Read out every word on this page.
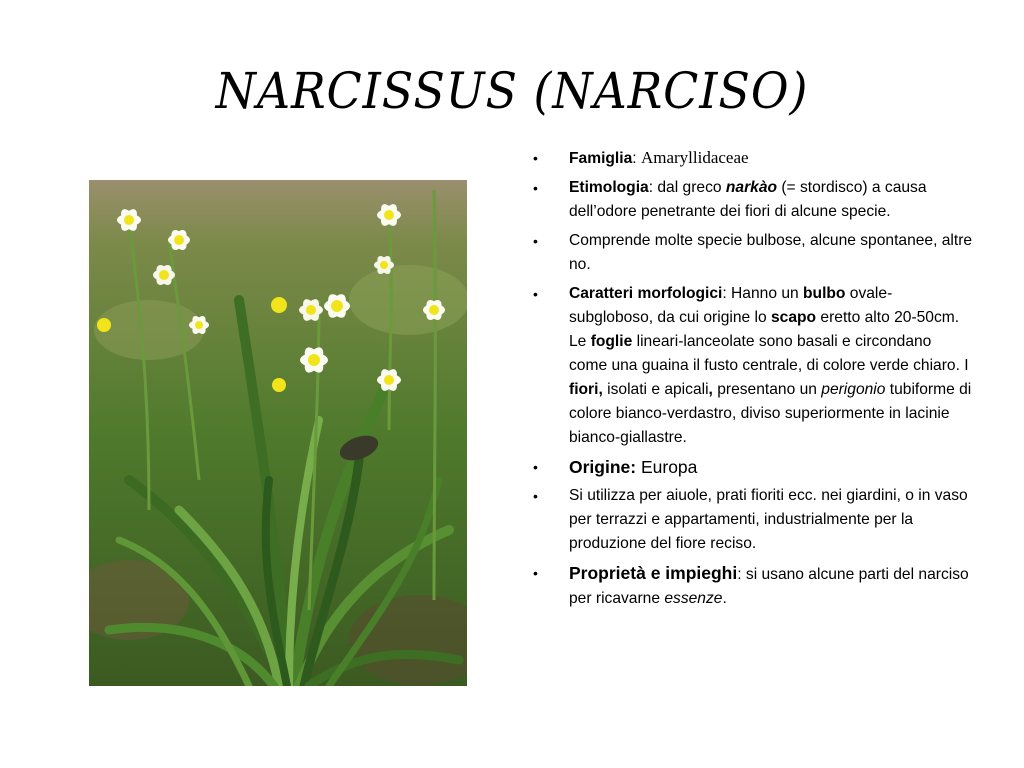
NARCISSUS (NARCISO)
• Famiglia: Amaryllidaceae
• Etimologia: dal greco narkào (= stordisco) a causa dell’odore penetrante dei fiori di alcune specie.
• Comprende molte specie bulbose, alcune spontanee, altre no.
• Caratteri morfologici: Hanno un bulbo ovale-subgloboso, da cui origine lo scapo eretto alto 20-50cm. Le foglie lineari-lanceolate sono basali e circondano come una guaina il fusto centrale, di colore verde chiaro. I fiori, isolati e apicali, presentano un perigonio tubiforme di colore bianco-verdastro, diviso superiormente in lacinie bianco-giallastre.
• Origine: Europa
• Si utilizza per aiuole, prati fioriti ecc. nei giardini, o in vaso per terrazzi e appartamenti, industrialmente per la produzione del fiore reciso.
• Proprietà e impieghi: si usano alcune parti del narciso per ricavarne essenze.
